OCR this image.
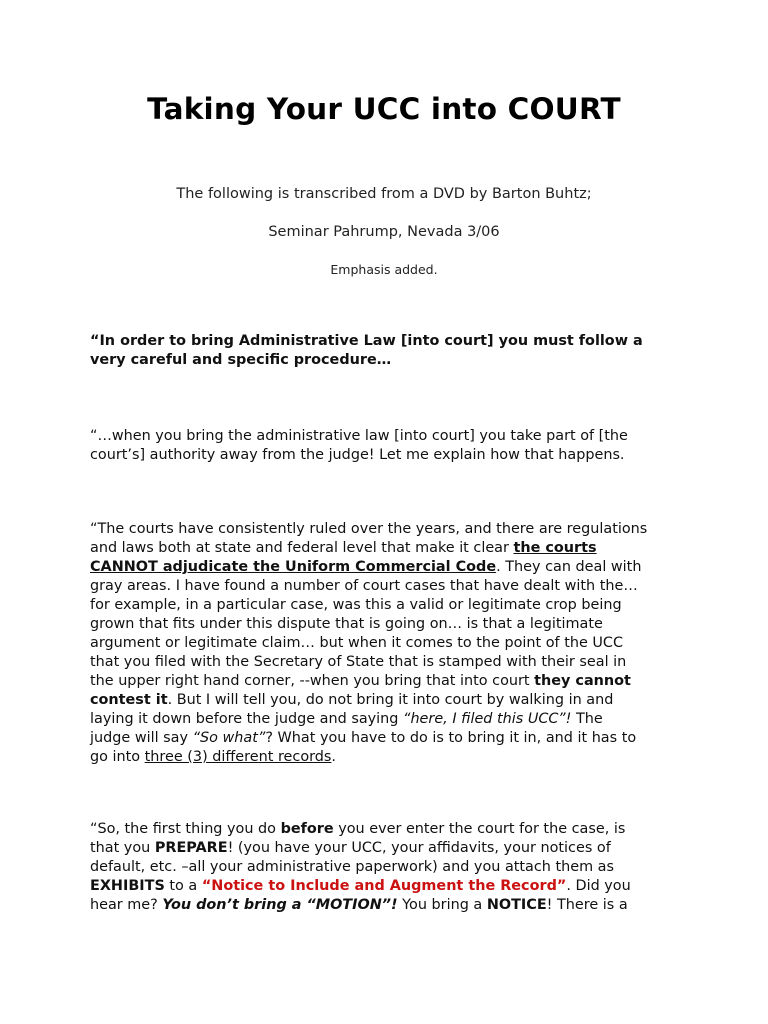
Taking Your UCC into COURT
The following is transcribed from a DVD by Barton Buhtz;
Seminar Pahrump, Nevada 3/06
Emphasis added.
“In order to bring Administrative Law [into court] you must follow a
very careful and specific procedure…
“…when you bring the administrative law [into court] you take part of [the
court’s] authority away from the judge! Let me explain how that happens.
“The courts have consistently ruled over the years, and there are regulations
and laws both at state and federal level that make it clear the courts
CANNOT adjudicate the Uniform Commercial Code. They can deal with
gray areas. I have found a number of court cases that have dealt with the…
for example, in a particular case, was this a valid or legitimate crop being
grown that fits under this dispute that is going on… is that a legitimate
argument or legitimate claim… but when it comes to the point of the UCC
that you filed with the Secretary of State that is stamped with their seal in
the upper right hand corner, --when you bring that into court they cannot
contest it. But I will tell you, do not bring it into court by walking in and
laying it down before the judge and saying “here, I filed this UCC”! The
judge will say “So what”? What you have to do is to bring it in, and it has to
go into three (3) different records.
“So, the first thing you do before you ever enter the court for the case, is
that you PREPARE! (you have your UCC, your affidavits, your notices of
default, etc. –all your administrative paperwork) and you attach them as
EXHIBITS to a “Notice to Include and Augment the Record”. Did you
hear me? You don’t bring a “MOTION”! You bring a NOTICE! There is a
